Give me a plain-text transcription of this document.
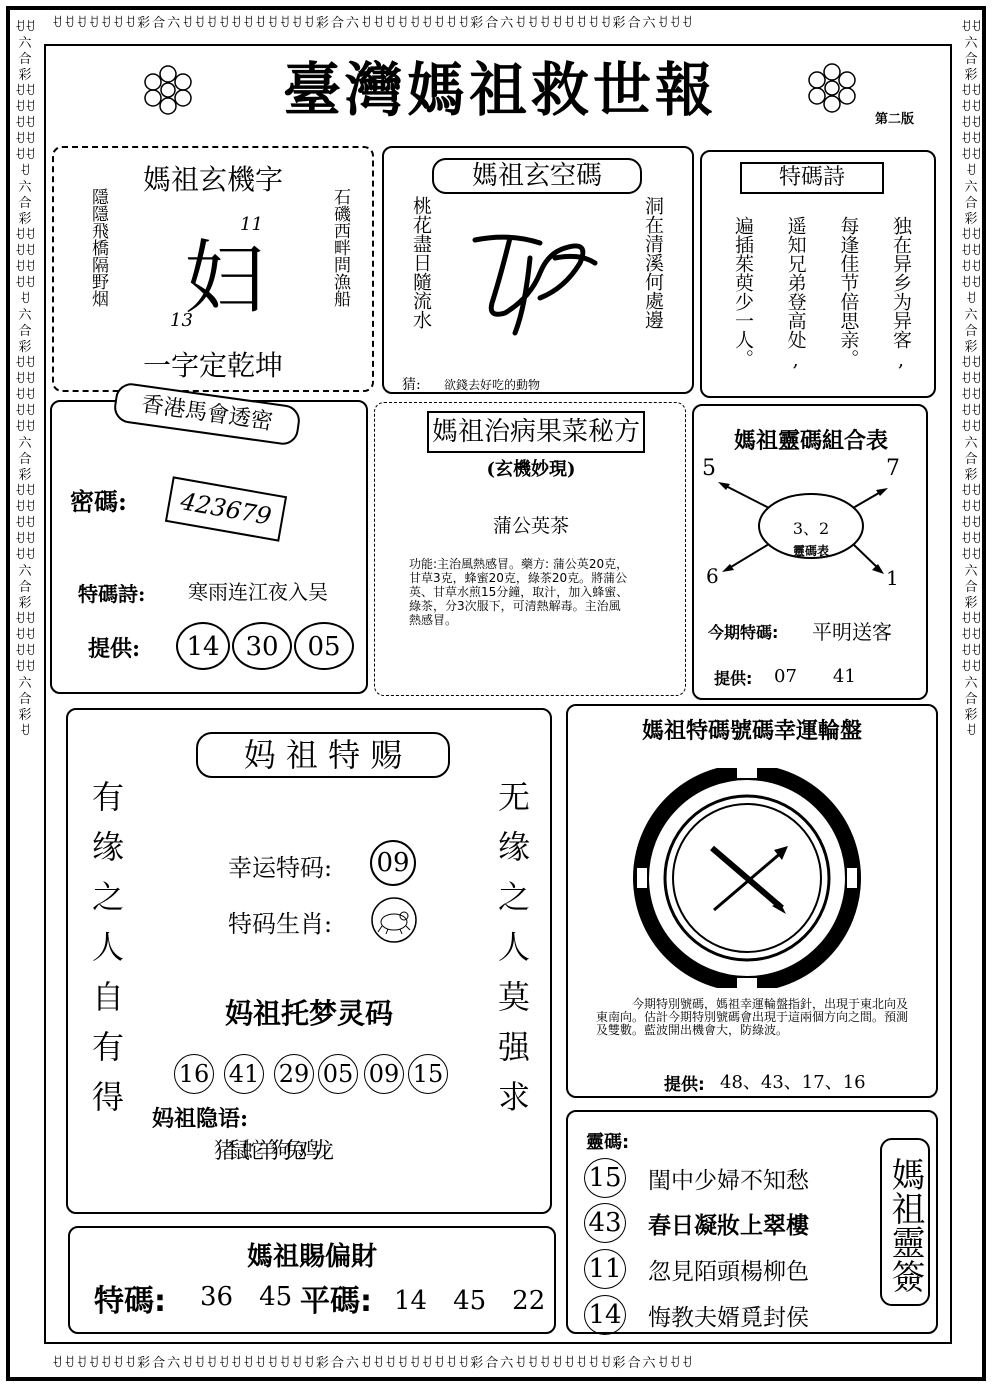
ꀀꀀꀀꀀꀀꀀꀀ彩合六ꀀꀀꀀꀀꀀꀀꀀꀀꀀꀀꀀ彩合六ꀀꀀꀀꀀꀀꀀꀀꀀꀀ彩合六ꀀꀀꀀꀀꀀꀀꀀꀀ彩合六ꀀꀀꀀ
ꀀꀀꀀꀀꀀꀀꀀ彩合六ꀀꀀꀀꀀꀀꀀꀀꀀꀀꀀꀀ彩合六ꀀꀀꀀꀀꀀꀀꀀꀀꀀ彩合六ꀀꀀꀀꀀꀀꀀꀀꀀ彩合六ꀀꀀꀀ
ꀀꀀ六合彩ꀀꀀꀀꀀꀀꀀꀀꀀꀀꀀꀀ六合彩ꀀꀀꀀꀀꀀꀀꀀꀀꀀ六合彩ꀀꀀꀀꀀꀀꀀꀀꀀꀀꀀ六合彩ꀀꀀꀀꀀꀀꀀꀀꀀꀀꀀ六合彩ꀀꀀꀀꀀꀀꀀꀀꀀ六合彩ꀀ
ꀀꀀ六合彩ꀀꀀꀀꀀꀀꀀꀀꀀꀀꀀꀀ六合彩ꀀꀀꀀꀀꀀꀀꀀꀀꀀ六合彩ꀀꀀꀀꀀꀀꀀꀀꀀꀀꀀ六合彩ꀀꀀꀀꀀꀀꀀꀀꀀꀀꀀ六合彩ꀀꀀꀀꀀꀀꀀꀀꀀ六合彩ꀀ
臺灣媽祖救世報	第二版
媽祖玄機字
隱隱飛橋隔野烟	石磯西畔問漁船
11
13
妇
一字定乾坤
媽祖玄空碼
桃花盡日隨流水	洞在清溪何處邊
猜: 欲錢去好吃的動物
特碼詩
独在异乡为异客,
每逢佳节倍思亲。
遥知兄弟登高处,
遍插茱萸少一人。
香港馬會透密
密碼:	423679
特碼詩: 寒雨连江夜入吴
提供:	14 30 05
媽祖治病果菜秘方
(玄機妙現)
蒲公英茶
功能:主治風熱感冒。藥方: 蒲公英20克，甘草3克，蜂蜜20克，綠茶20克。將蒲公英、甘草水煎15分鐘，取汁，加入蜂蜜、綠茶，分3次服下，可清熱解毒。主治風熱感冒。
媽祖靈碼組合表
5	7
6	1
3、2
靈碼表
今期特碼: 平明送客
提供: 07　　41
妈 祖 特 赐
有缘之人自有得	无缘之人莫强求
幸运特码: 09
特码生肖:
妈祖托梦灵码
16 41 29 05 09 15
妈祖隐语:
猪鼠蛇羊狗兔鸡龙
媽祖特碼號碼幸運輪盤
今期特別號碼，媽祖幸運輪盤指針，出現于東北向及東南向。估計今期特別號碼會出現于這兩個方向之間。預測及雙數。藍波開出機會大，防綠波。
提供: 48、43、17、16
媽祖賜偏財
特碼: 36　45 平碼: 14　45　22
靈碼:
15 閨中少婦不知愁
43 春日凝妝上翠樓
11 忽見陌頭楊柳色
14 悔教夫婿覓封侯
媽祖靈簽
